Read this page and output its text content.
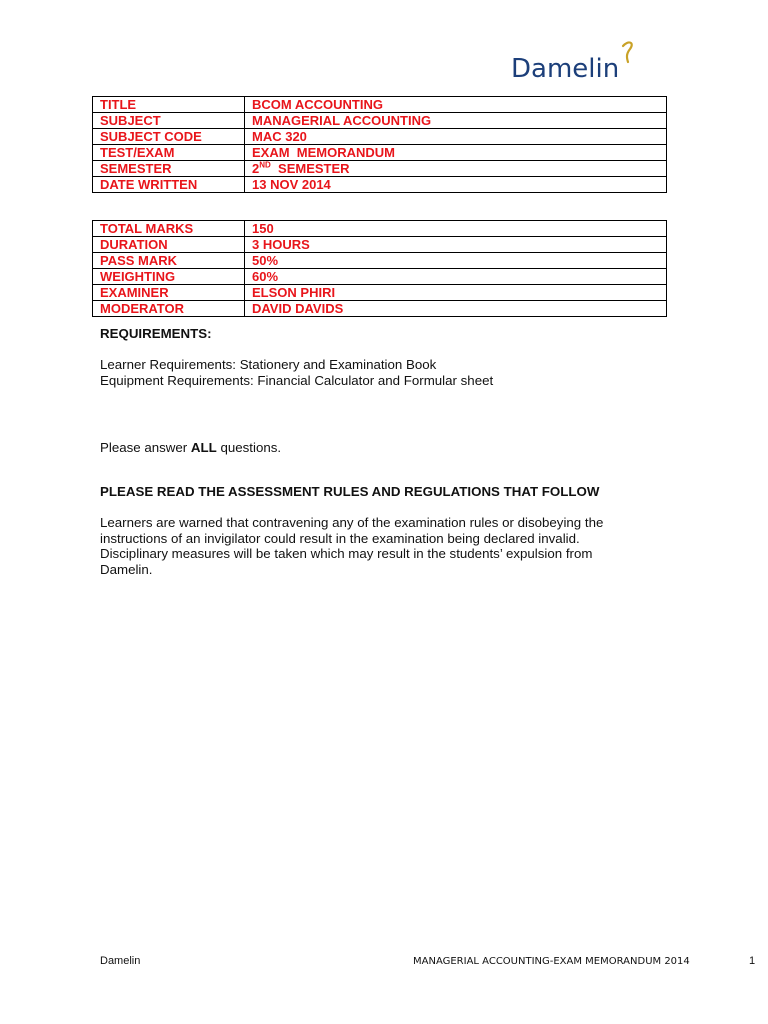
Damelin
TITLE	BCOM ACCOUNTING
SUBJECT	MANAGERIAL ACCOUNTING
SUBJECT CODE	MAC 320
TEST/EXAM	EXAM  MEMORANDUM
SEMESTER	2ND  SEMESTER
DATE WRITTEN	13 NOV 2014
TOTAL MARKS	150
DURATION	3 HOURS
PASS MARK	50%
WEIGHTING	60%
EXAMINER	ELSON PHIRI
MODERATOR	DAVID DAVIDS
REQUIREMENTS:
Learner Requirements: Stationery and Examination Book
Equipment Requirements: Financial Calculator and Formular sheet
Please answer ALL questions.
PLEASE READ THE ASSESSMENT RULES AND REGULATIONS THAT FOLLOW
Learners are warned that contravening any of the examination rules or disobeying the
instructions of an invigilator could result in the examination being declared invalid.
Disciplinary measures will be taken which may result in the students’ expulsion from
Damelin.
Damelin	MANAGERIAL ACCOUNTING-EXAM MEMORANDUM 2014	1
